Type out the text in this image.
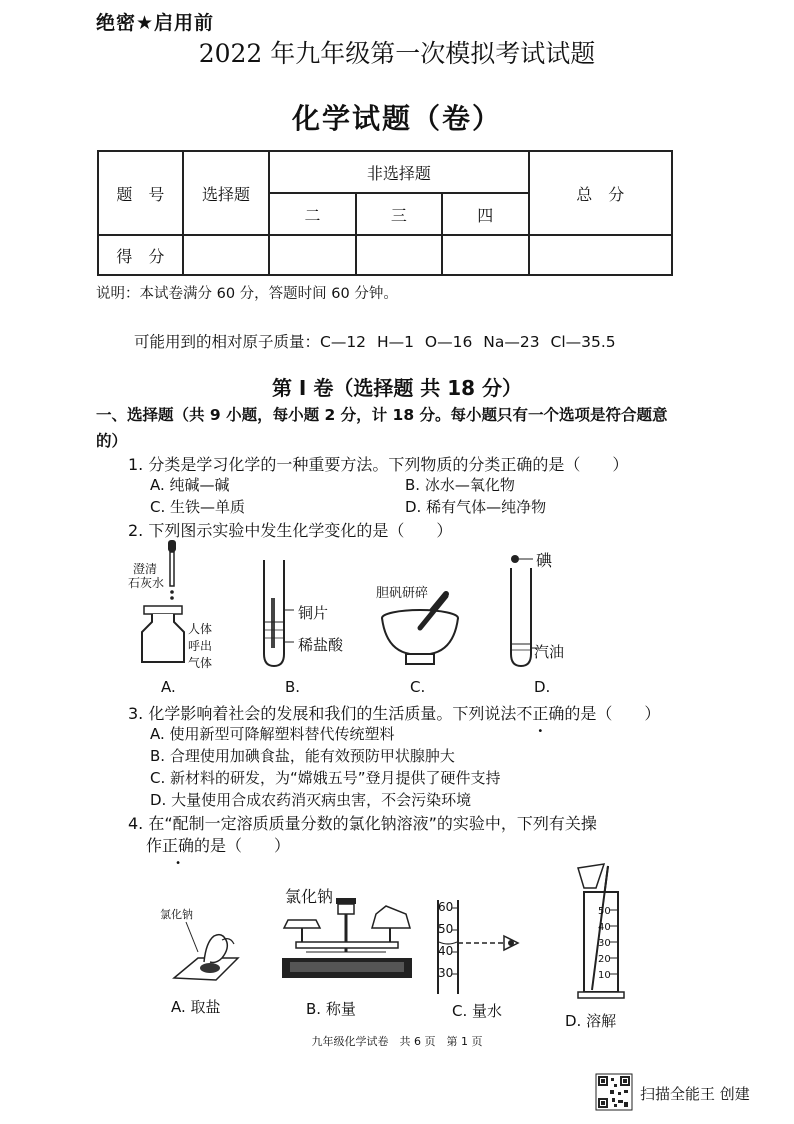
绝密★启用前
2022 年九年级第一次模拟考试试题
化学试题（卷）
题　号	选择题	非选择题			总　分
		二	三	四	
得　分					
说明：本试卷满分 60 分，答题时间 60 分钟。
可能用到的相对原子质量：C—12 H—1 O—16 Na—23 Cl—35.5
第 I 卷（选择题 共 18 分）
一、选择题（共 9 小题，每小题 2 分，计 18 分。每小题只有一个选项是符合题意的）
1. 分类是学习化学的一种重要方法。下列物质的分类正确的是（　　）
A. 纯碱—碱	B. 冰水—氧化物
C. 生铁—单质	D. 稀有气体—纯净物
2. 下列图示实验中发生化学变化的是（　　）
澄清
石灰水
人体
呼出
气体
A.
铜片
稀盐酸
B.
胆矾研碎
C.
碘
汽油
D.
3. 化学影响着社会的发展和我们的生活质量。下列说法不正确的是（　　）
A. 使用新型可降解塑料替代传统塑料
B. 合理使用加碘食盐，能有效预防甲状腺肿大
C. 新材料的研发，为“嫦娥五号”登月提供了硬件支持
D. 大量使用合成农药消灭病虫害，不会污染环境
4. 在“配制一定溶质质量分数的氯化钠溶液”的实验中，下列有关操
作正确的是（　　）
氯化钠
A. 取盐
氯化钠
B. 称量
60
50
40
30
C. 量水
50
40
30
20
10
D. 溶解
九年级化学试卷　共 6 页　第 1 页
扫描全能王 创建
